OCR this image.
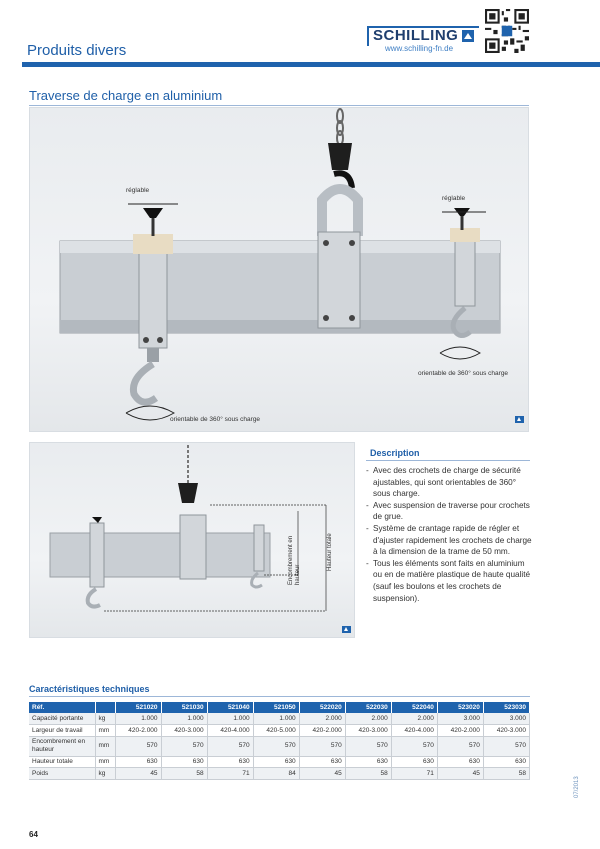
Produits divers
SCHILLING
www.schilling-fn.de
Traverse de charge en aluminium
réglable
réglable
orientable de 360° sous charge
orientable de 360° sous charge
Encombrement en hauteur
Hauteur totale
Description
- Avec des crochets de charge de sécurité ajustables, qui sont orientables de 360° sous charge.
- Avec suspension de traverse pour crochets de grue.
- Système de crantage rapide de régler et d'ajuster rapidement les crochets de charge à la dimension de la trame de 50 mm.
- Tous les éléments sont faits en aluminium ou en de matière plastique de haute qualité (sauf les boulons et les crochets de suspension).
Caractéristiques techniques
Réf.		521020	521030	521040	521050	522020	522030	522040	523020	523030
Capacité portante	kg	1.000	1.000	1.000	1.000	2.000	2.000	2.000	3.000	3.000
Largeur de travail	mm	420-2.000	420-3.000	420-4.000	420-5.000	420-2.000	420-3.000	420-4.000	420-2.000	420-3.000
Encombrement en hauteur	mm	570	570	570	570	570	570	570	570	570
Hauteur totale	mm	630	630	630	630	630	630	630	630	630
Poids	kg	45	58	71	84	45	58	71	45	58
64
07/2013
